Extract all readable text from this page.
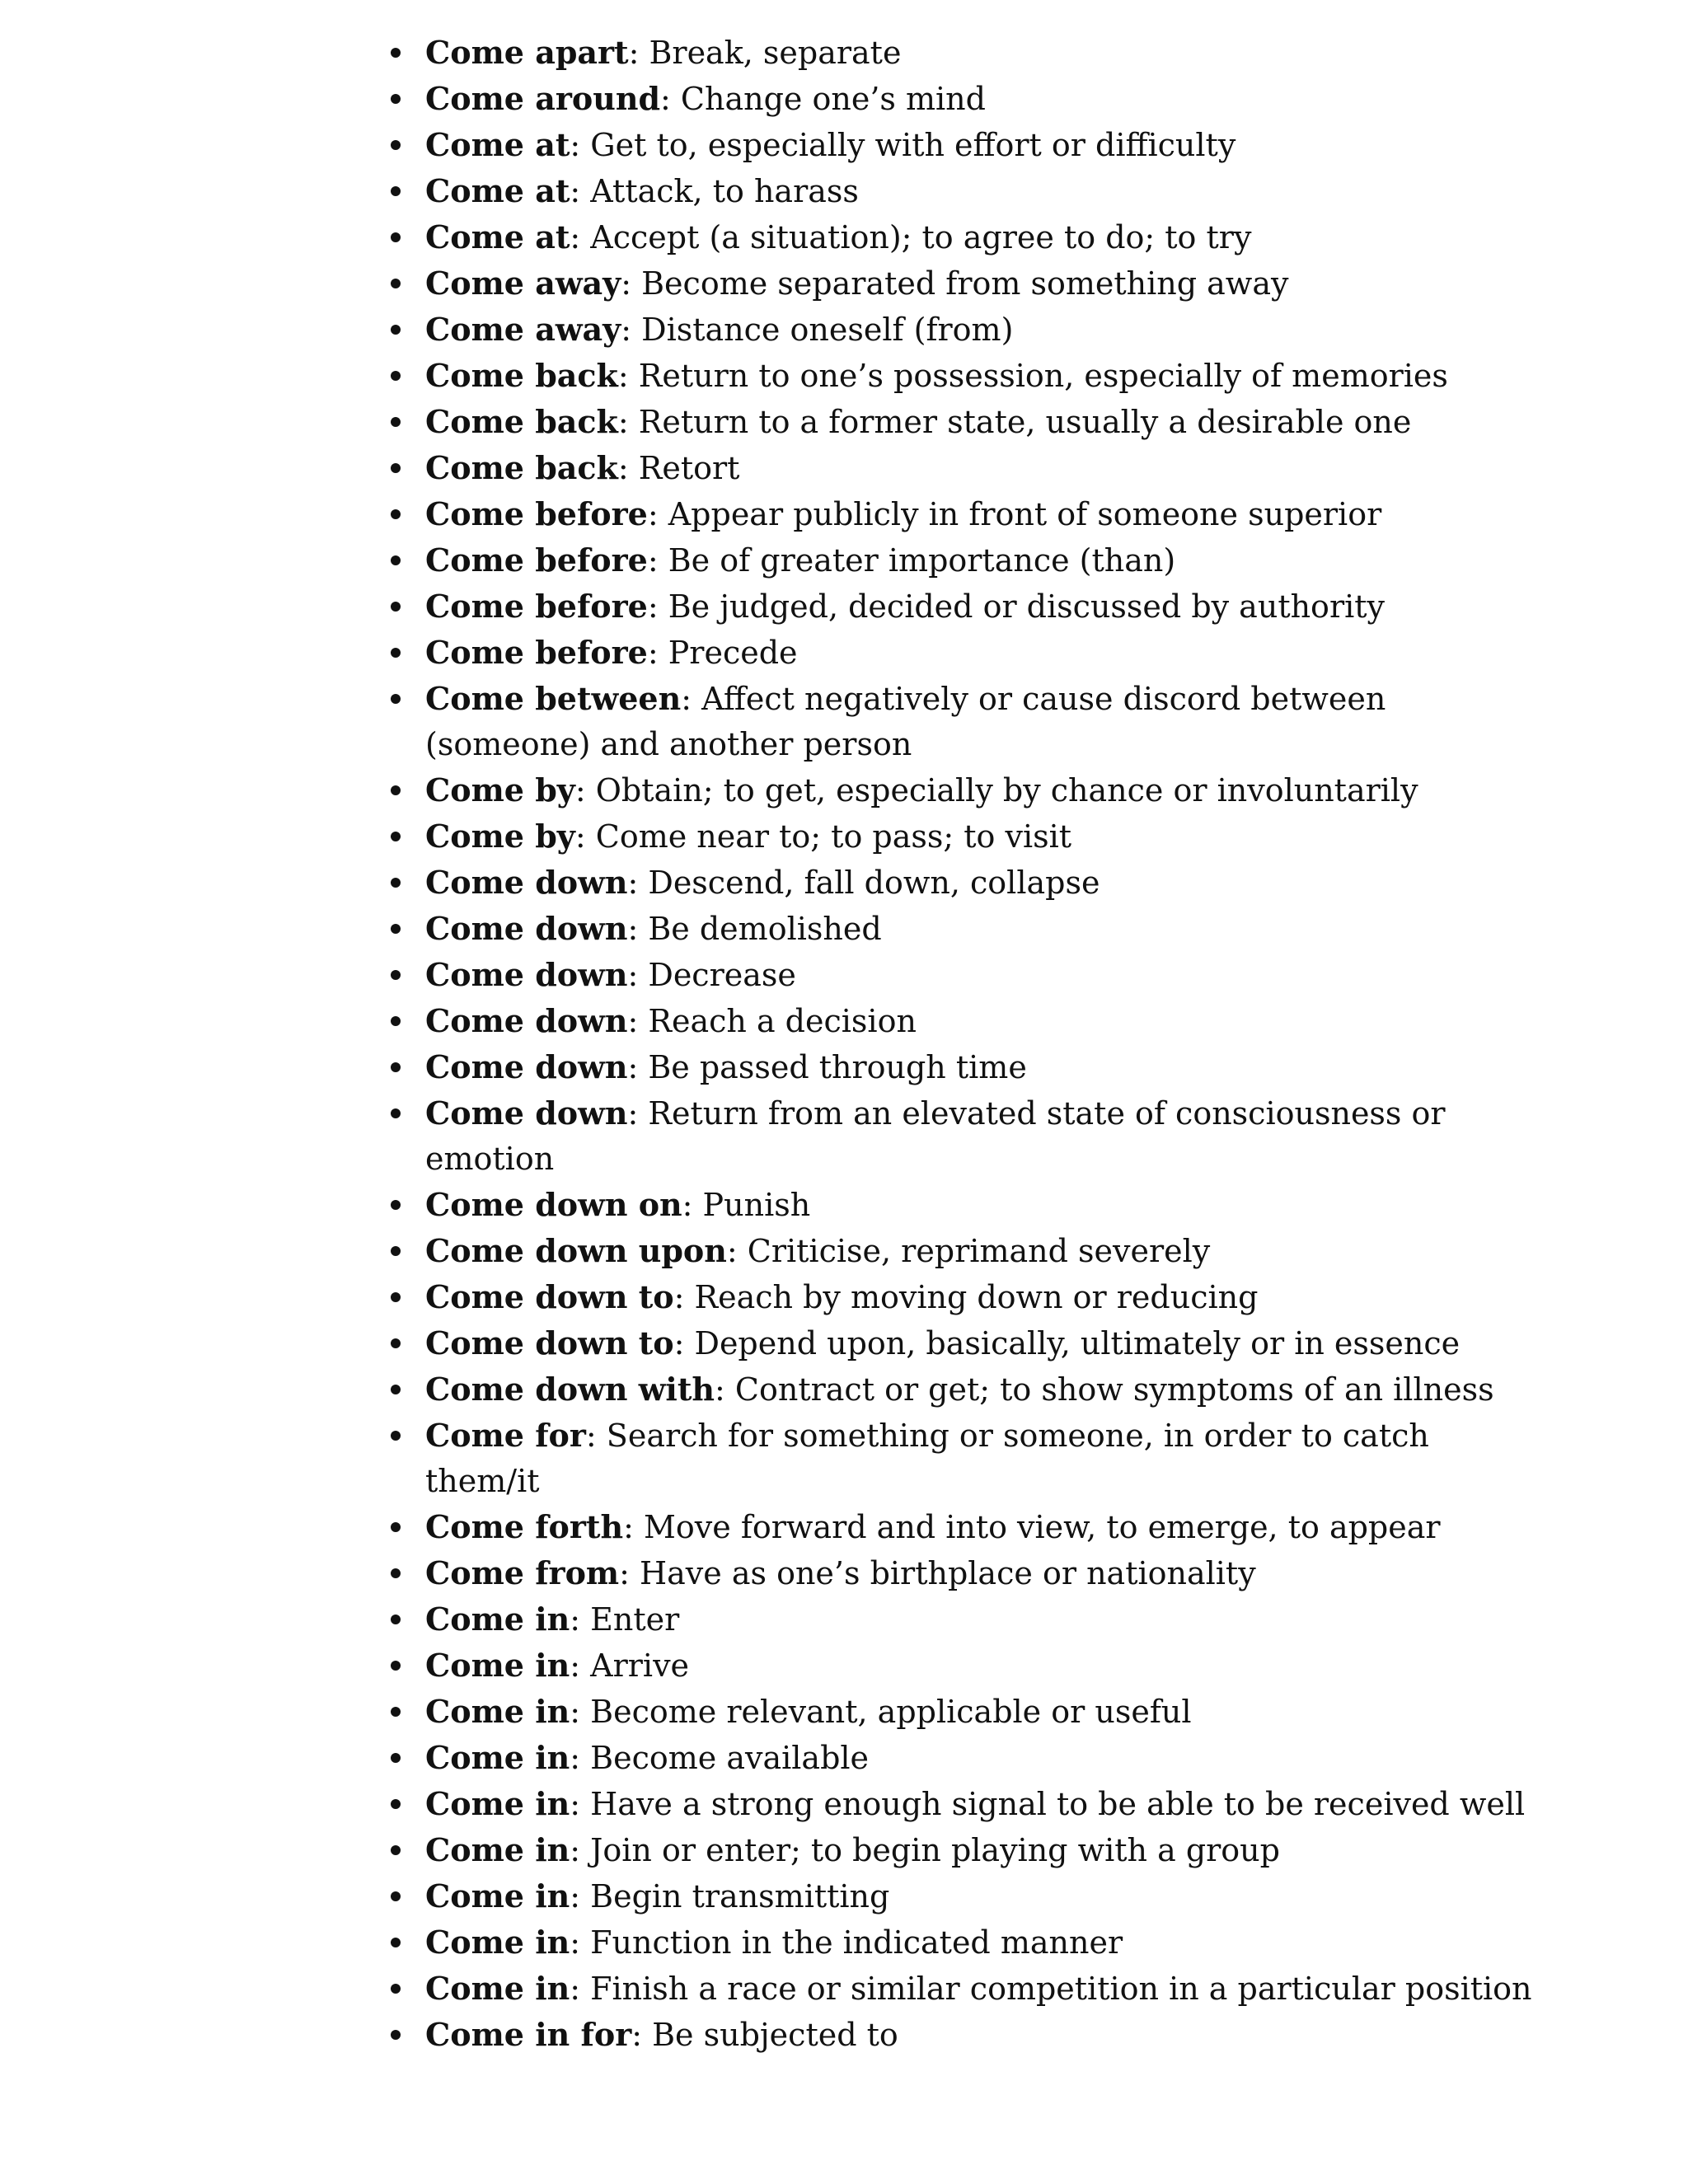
Come apart: Break, separate
Come around: Change one’s mind
Come at: Get to, especially with effort or difficulty
Come at: Attack, to harass
Come at: Accept (a situation); to agree to do; to try
Come away: Become separated from something away
Come away: Distance oneself (from)
Come back: Return to one’s possession, especially of memories
Come back: Return to a former state, usually a desirable one
Come back: Retort
Come before: Appear publicly in front of someone superior
Come before: Be of greater importance (than)
Come before: Be judged, decided or discussed by authority
Come before: Precede
Come between: Affect negatively or cause discord between (someone) and another person
Come by: Obtain; to get, especially by chance or involuntarily
Come by: Come near to; to pass; to visit
Come down: Descend, fall down, collapse
Come down: Be demolished
Come down: Decrease
Come down: Reach a decision
Come down: Be passed through time
Come down: Return from an elevated state of consciousness or emotion
Come down on: Punish
Come down upon: Criticise, reprimand severely
Come down to: Reach by moving down or reducing
Come down to: Depend upon, basically, ultimately or in essence
Come down with: Contract or get; to show symptoms of an illness
Come for: Search for something or someone, in order to catch them/it
Come forth: Move forward and into view, to emerge, to appear
Come from: Have as one’s birthplace or nationality
Come in: Enter
Come in: Arrive
Come in: Become relevant, applicable or useful
Come in: Become available
Come in: Have a strong enough signal to be able to be received well
Come in: Join or enter; to begin playing with a group
Come in: Begin transmitting
Come in: Function in the indicated manner
Come in: Finish a race or similar competition in a particular position
Come in for: Be subjected to
